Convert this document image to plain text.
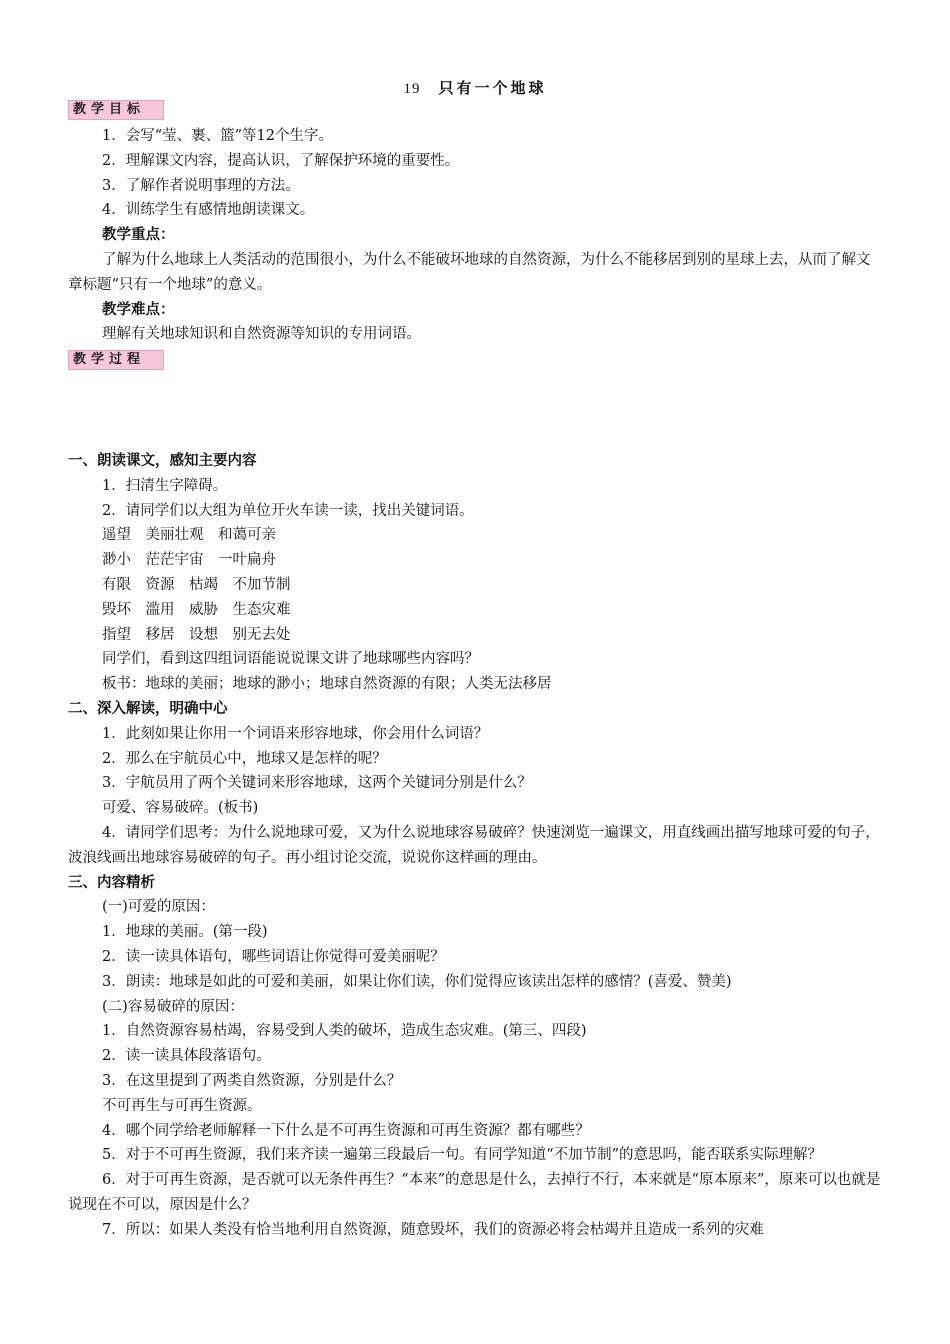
19 只有一个地球
教学目标

1．会写“莹、裹、篮”等12个生字。

2．理解课文内容，提高认识，了解保护环境的重要性。

3．了解作者说明事理的方法。

4．训练学生有感情地朗读课文。

教学重点：

了解为什么地球上人类活动的范围很小，为什么不能破坏地球的自然资源，为什么不能移居到别的星球上去，从而了解文章标题“只有一个地球”的意义。

教学难点：

理解有关地球知识和自然资源等知识的专用词语。

教学过程

一、朗读课文，感知主要内容

1．扫清生字障碍。

2．请同学们以大组为单位开火车读一读，找出关键词语。

遥望　美丽壮观　和蔼可亲

渺小　茫茫宇宙　一叶扁舟

有限　资源　枯竭　不加节制

毁坏　滥用　威胁　生态灾难

指望　移居　设想　别无去处

同学们，看到这四组词语能说说课文讲了地球哪些内容吗？

板书：地球的美丽；地球的渺小；地球自然资源的有限；人类无法移居

二、深入解读，明确中心

1．此刻如果让你用一个词语来形容地球，你会用什么词语？

2．那么在宇航员心中，地球又是怎样的呢？

3．宇航员用了两个关键词来形容地球，这两个关键词分别是什么？

可爱、容易破碎。(板书)

4．请同学们思考：为什么说地球可爱，又为什么说地球容易破碎？快速浏览一遍课文，用直线画出描写地球可爱的句子，波浪线画出地球容易破碎的句子。再小组讨论交流，说说你这样画的理由。

三、内容精析

(一)可爱的原因：

1．地球的美丽。(第一段)

2．读一读具体语句，哪些词语让你觉得可爱美丽呢？

3．朗读：地球是如此的可爱和美丽，如果让你们读，你们觉得应该读出怎样的感情？(喜爱、赞美)

(二)容易破碎的原因：

1．自然资源容易枯竭，容易受到人类的破坏，造成生态灾难。(第三、四段)

2．读一读具体段落语句。

3．在这里提到了两类自然资源，分别是什么？

不可再生与可再生资源。

4．哪个同学给老师解释一下什么是不可再生资源和可再生资源？都有哪些？

5．对于不可再生资源，我们来齐读一遍第三段最后一句。有同学知道“不加节制”的意思吗，能否联系实际理解？

6．对于可再生资源，是否就可以无条件再生？“本来”的意思是什么，去掉行不行，本来就是“原本原来”，原来可以也就是说现在不可以，原因是什么？

7．所以：如果人类没有恰当地利用自然资源，随意毁坏，我们的资源必将会枯竭并且造成一系列的灾难
